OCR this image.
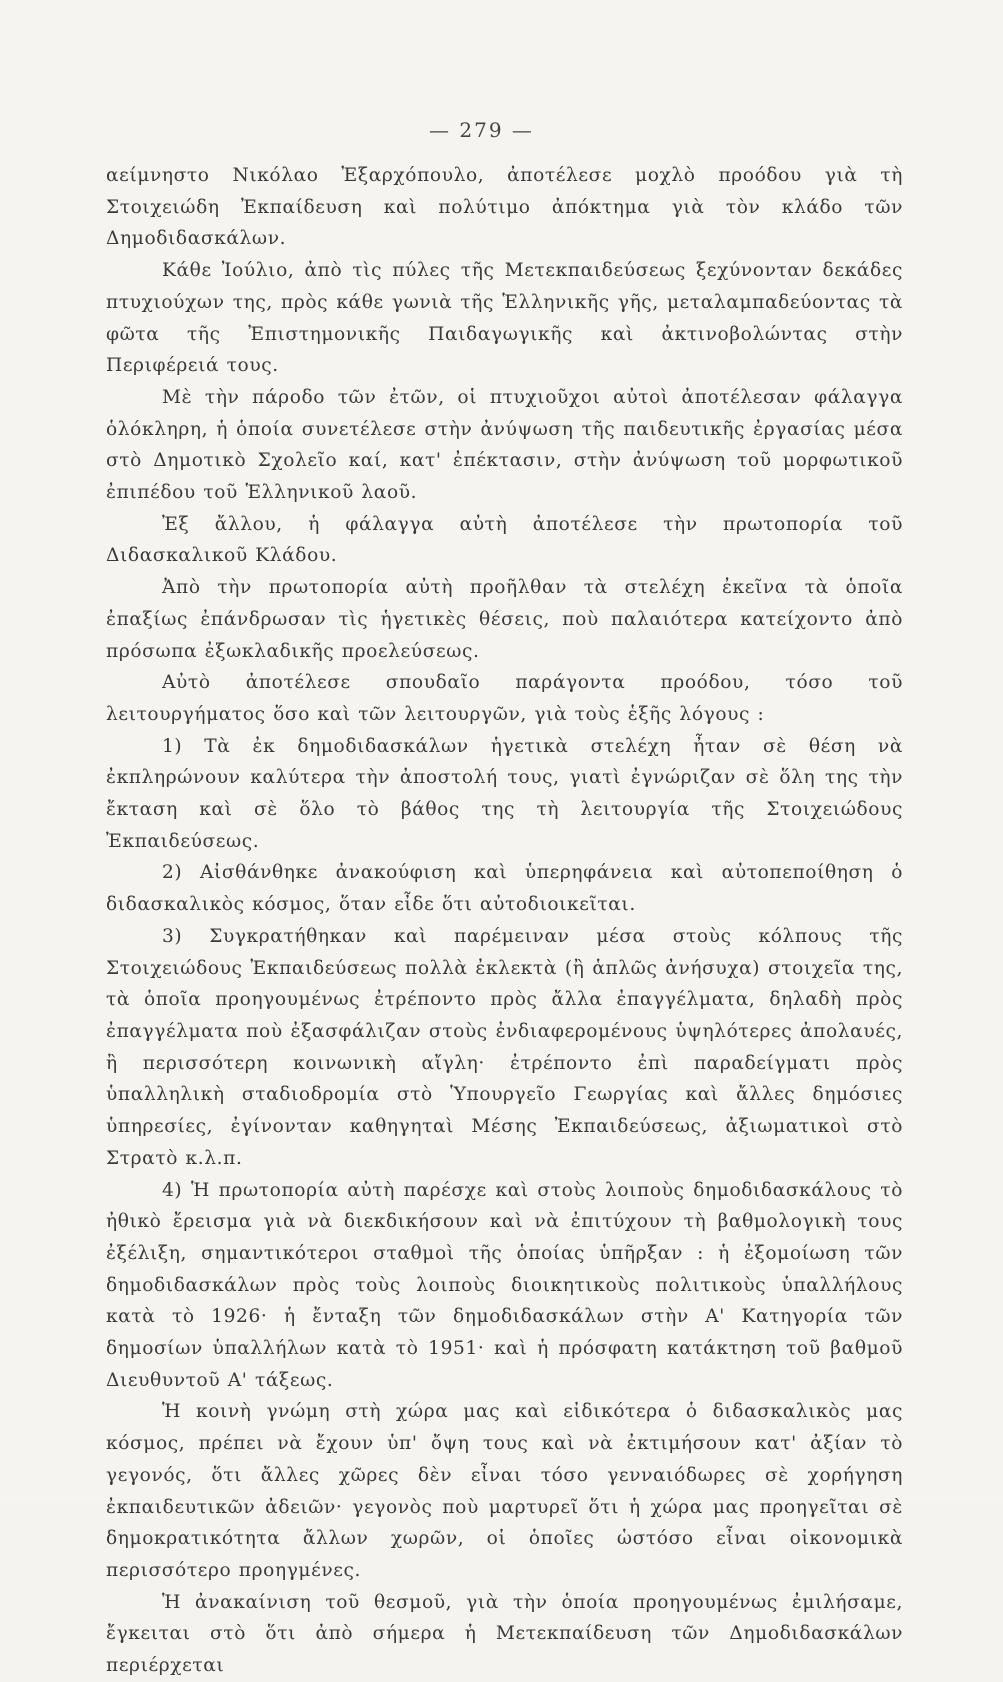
— 279 —

αείμνηστο Νικόλαο Ἐξαρχόπουλο, ἀποτέλεσε μοχλὸ προόδου γιὰ τὴ Στοιχειώδη Ἐκπαίδευση καὶ πολύτιμο ἀπόκτημα γιὰ τὸν κλάδο τῶν Δημοδιδασκάλων.

Κάθε Ἰούλιο, ἀπὸ τὶς πύλες τῆς Μετεκπαιδεύσεως ξεχύνονταν δεκάδες πτυχιούχων της, πρὸς κάθε γωνιὰ τῆς Ἑλληνικῆς γῆς, μεταλαμπαδεύοντας τὰ φῶτα τῆς Ἐπιστημονικῆς Παιδαγωγικῆς καὶ ἀκτινοβολώντας στὴν Περιφέρειά τους.

Μὲ τὴν πάροδο τῶν ἐτῶν, οἱ πτυχιοῦχοι αὐτοὶ ἀποτέλεσαν φάλαγγα ὁλόκληρη, ἡ ὁποία συνετέλεσε στὴν ἀνύψωση τῆς παιδευτικῆς ἐργασίας μέσα στὸ Δημοτικὸ Σχολεῖο καί, κατ' ἐπέκτασιν, στὴν ἀνύψωση τοῦ μορφωτικοῦ ἐπιπέδου τοῦ Ἑλληνικοῦ λαοῦ.

Ἐξ ἄλλου, ἡ φάλαγγα αὐτὴ ἀποτέλεσε τὴν πρωτοπορία τοῦ Διδασκαλικοῦ Κλάδου.

Ἀπὸ τὴν πρωτοπορία αὐτὴ προῆλθαν τὰ στελέχη ἐκεῖνα τὰ ὁποῖα ἐπαξίως ἐπάνδρωσαν τὶς ἡγετικὲς θέσεις, ποὺ παλαιότερα κατείχοντο ἀπὸ πρόσωπα ἐξωκλαδικῆς προελεύσεως.

Αὐτὸ ἀποτέλεσε σπουδαῖο παράγοντα προόδου, τόσο τοῦ λειτουργήματος ὅσο καὶ τῶν λειτουργῶν, γιὰ τοὺς ἑξῆς λόγους :

1) Τὰ ἐκ δημοδιδασκάλων ἡγετικὰ στελέχη ἦταν σὲ θέση νὰ ἐκπληρώνουν καλύτερα τὴν ἀποστολή τους, γιατὶ ἐγνώριζαν σὲ ὅλη της τὴν ἔκταση καὶ σὲ ὅλο τὸ βάθος της τὴ λειτουργία τῆς Στοιχειώδους Ἐκπαιδεύσεως.

2) Αἰσθάνθηκε ἀνακούφιση καὶ ὑπερηφάνεια καὶ αὐτοπεποίθηση ὁ διδασκαλικὸς κόσμος, ὅταν εἶδε ὅτι αὐτοδιοικεῖται.

3) Συγκρατήθηκαν καὶ παρέμειναν μέσα στοὺς κόλπους τῆς Στοιχειώδους Ἐκπαιδεύσεως πολλὰ ἐκλεκτὰ (ἢ ἁπλῶς ἀνήσυχα) στοιχεῖα της, τὰ ὁποῖα προηγουμένως ἐτρέποντο πρὸς ἄλλα ἐπαγγέλματα, δηλαδὴ πρὸς ἐπαγγέλματα ποὺ ἐξασφάλιζαν στοὺς ἐνδιαφερομένους ὑψηλότερες ἀπολαυές, ἢ περισσότερη κοινωνικὴ αἴγλη· ἐτρέποντο ἐπὶ παραδείγματι πρὸς ὑπαλληλικὴ σταδιοδρομία στὸ Ὑπουργεῖο Γεωργίας καὶ ἄλλες δημόσιες ὑπηρεσίες, ἐγίνονταν καθηγηταὶ Μέσης Ἐκπαιδεύσεως, ἀξιωματικοὶ στὸ Στρατὸ κ.λ.π.

4) Ἡ πρωτοπορία αὐτὴ παρέσχε καὶ στοὺς λοιποὺς δημοδιδασκάλους τὸ ἠθικὸ ἔρεισμα γιὰ νὰ διεκδικήσουν καὶ νὰ ἐπιτύχουν τὴ βαθμολογικὴ τους ἐξέλιξη, σημαντικότεροι σταθμοὶ τῆς ὁποίας ὑπῆρξαν : ἡ ἐξομοίωση τῶν δημοδιδασκάλων πρὸς τοὺς λοιποὺς διοικητικοὺς πολιτικοὺς ὑπαλλήλους κατὰ τὸ 1926· ἡ ἔνταξη τῶν δημοδιδασκάλων στὴν Α' Κατηγορία τῶν δημοσίων ὑπαλλήλων κατὰ τὸ 1951· καὶ ἡ πρόσφατη κατάκτηση τοῦ βαθμοῦ Διευθυντοῦ Α' τάξεως.

Ἡ κοινὴ γνώμη στὴ χώρα μας καὶ εἰδικότερα ὁ διδασκαλικὸς μας κόσμος, πρέπει νὰ ἔχουν ὑπ' ὄψη τους καὶ νὰ ἐκτιμήσουν κατ' ἀξίαν τὸ γεγονός, ὅτι ἄλλες χῶρες δὲν εἶναι τόσο γενναιόδωρες σὲ χορήγηση ἐκπαιδευτικῶν ἀδειῶν· γεγονὸς ποὺ μαρτυρεῖ ὅτι ἡ χώρα μας προηγεῖται σὲ δημοκρατικότητα ἄλλων χωρῶν, οἱ ὁποῖες ὡστόσο εἶναι οἰκονομικὰ περισσότερο προηγμένες.

Ἡ ἀνακαίνιση τοῦ θεσμοῦ, γιὰ τὴν ὁποία προηγουμένως ἐμιλήσαμε, ἔγκειται στὸ ὅτι ἀπὸ σήμερα ἡ Μετεκπαίδευση τῶν Δημοδιδασκάλων περιέρχεται
